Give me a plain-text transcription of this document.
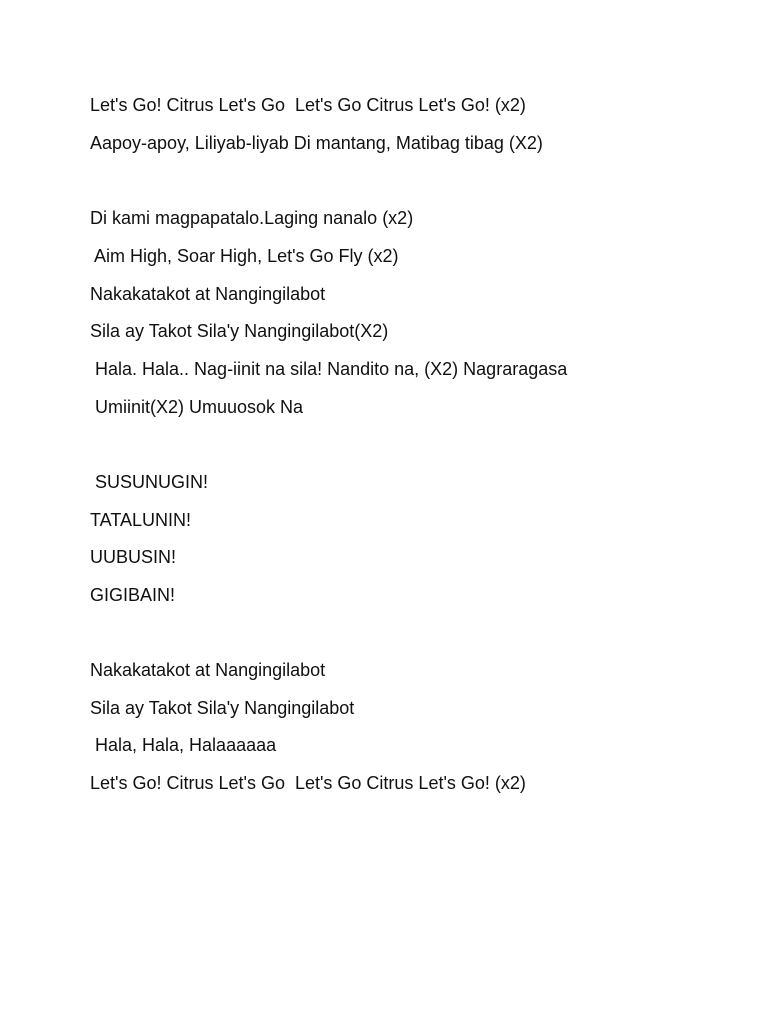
Let's Go! Citrus Let's Go  Let's Go Citrus Let's Go! (x2)
Aapoy-apoy, Liliyab-liyab Di mantang, Matibag tibag (X2)
Di kami magpapatalo.Laging nanalo (x2)
Aim High, Soar High, Let's Go Fly (x2)
Nakakatakot at Nangingilabot
Sila ay Takot Sila'y Nangingilabot(X2)
Hala. Hala.. Nag-iinit na sila! Nandito na, (X2) Nagraragasa
Umiinit(X2) Umuuosok Na
SUSUNUGIN!
TATALUNIN!
UUBUSIN!
GIGIBAIN!
Nakakatakot at Nangingilabot
Sila ay Takot Sila'y Nangingilabot
Hala, Hala, Halaaaaaa
Let's Go! Citrus Let's Go  Let's Go Citrus Let's Go! (x2)
